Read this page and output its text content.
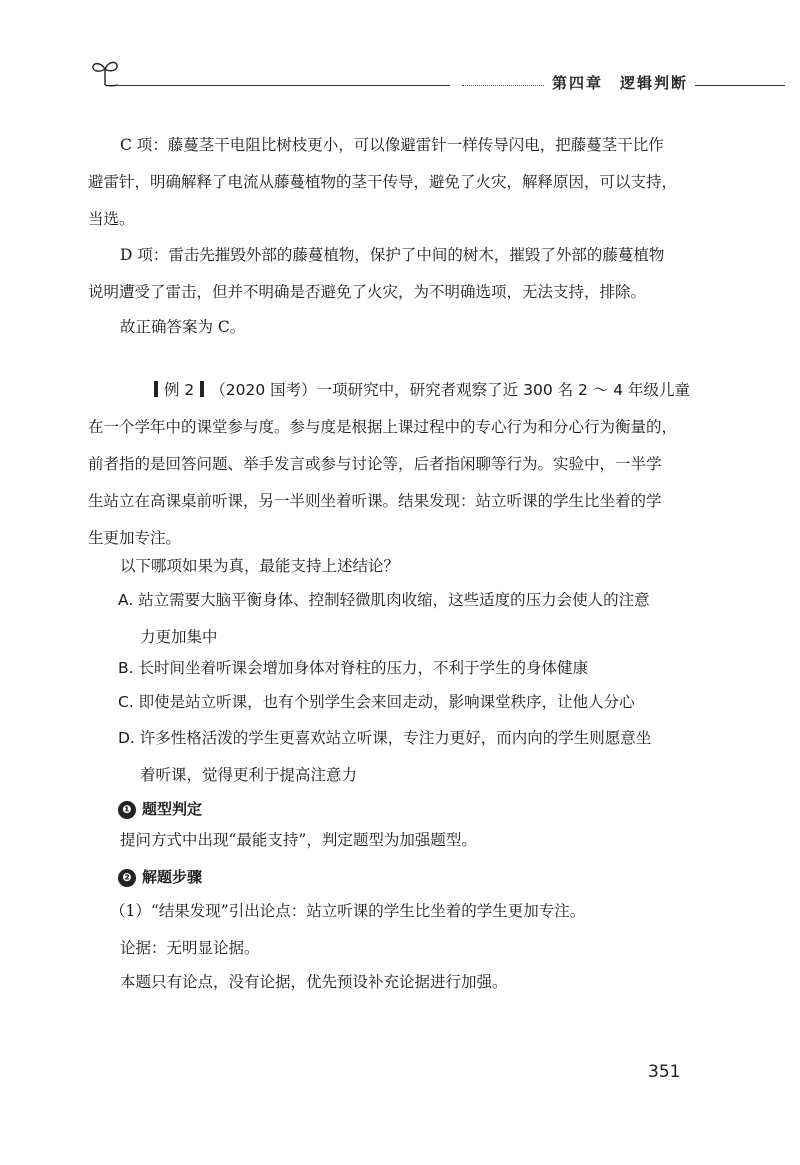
第四章　逻辑判断

C 项：藤蔓茎干电阻比树枝更小，可以像避雷针一样传导闪电，把藤蔓茎干比作
避雷针，明确解释了电流从藤蔓植物的茎干传导，避免了火灾，解释原因，可以支持，
当选。

D 项：雷击先摧毁外部的藤蔓植物，保护了中间的树木，摧毁了外部的藤蔓植物
说明遭受了雷击，但并不明确是否避免了火灾，为不明确选项，无法支持，排除。

故正确答案为 C。

例 2 （2020 国考）一项研究中，研究者观察了近 300 名 2 ～ 4 年级儿童
在一个学年中的课堂参与度。参与度是根据上课过程中的专心行为和分心行为衡量的，
前者指的是回答问题、举手发言或参与讨论等，后者指闲聊等行为。实验中，一半学
生站立在高课桌前听课，另一半则坐着听课。结果发现：站立听课的学生比坐着的学
生更加专注。

以下哪项如果为真，最能支持上述结论？

A. 站立需要大脑平衡身体、控制轻微肌肉收缩，这些适度的压力会使人的注意
力更加集中

B. 长时间坐着听课会增加身体对脊柱的压力，不利于学生的身体健康

C. 即使是站立听课，也有个别学生会来回走动，影响课堂秩序，让他人分心

D. 许多性格活泼的学生更喜欢站立听课，专注力更好，而内向的学生则愿意坐
着听课，觉得更利于提高注意力

❶ 题型判定

提问方式中出现“最能支持”，判定题型为加强题型。

❷ 解题步骤

（1）“结果发现”引出论点：站立听课的学生比坐着的学生更加专注。

论据：无明显论据。

本题只有论点，没有论据，优先预设补充论据进行加强。

351
